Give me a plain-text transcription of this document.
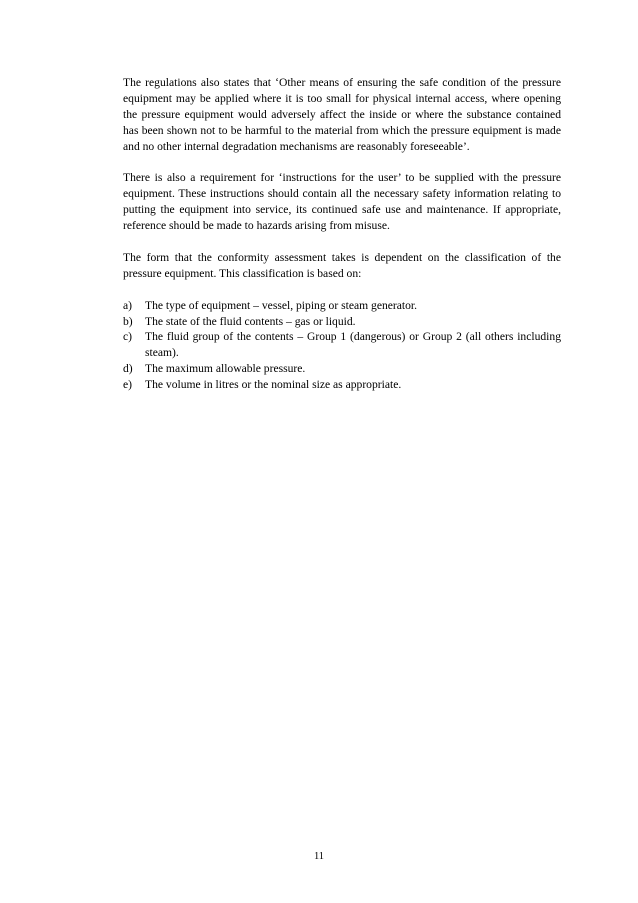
The regulations also states that ‘Other means of ensuring the safe condition of the pressure equipment may be applied where it is too small for physical internal access, where opening the pressure equipment would adversely affect the inside or where the substance contained has been shown not to be harmful to the material from which the pressure equipment is made and no other internal degradation mechanisms are reasonably foreseeable’.

There is also a requirement for ‘instructions for the user’ to be supplied with the pressure equipment. These instructions should contain all the necessary safety information relating to putting the equipment into service, its continued safe use and maintenance. If appropriate, reference should be made to hazards arising from misuse.

The form that the conformity assessment takes is dependent on the classification of the pressure equipment. This classification is based on:

a) The type of equipment – vessel, piping or steam generator.
b) The state of the fluid contents – gas or liquid.
c) The fluid group of the contents – Group 1 (dangerous) or Group 2 (all others including steam).
d) The maximum allowable pressure.
e) The volume in litres or the nominal size as appropriate.
11
